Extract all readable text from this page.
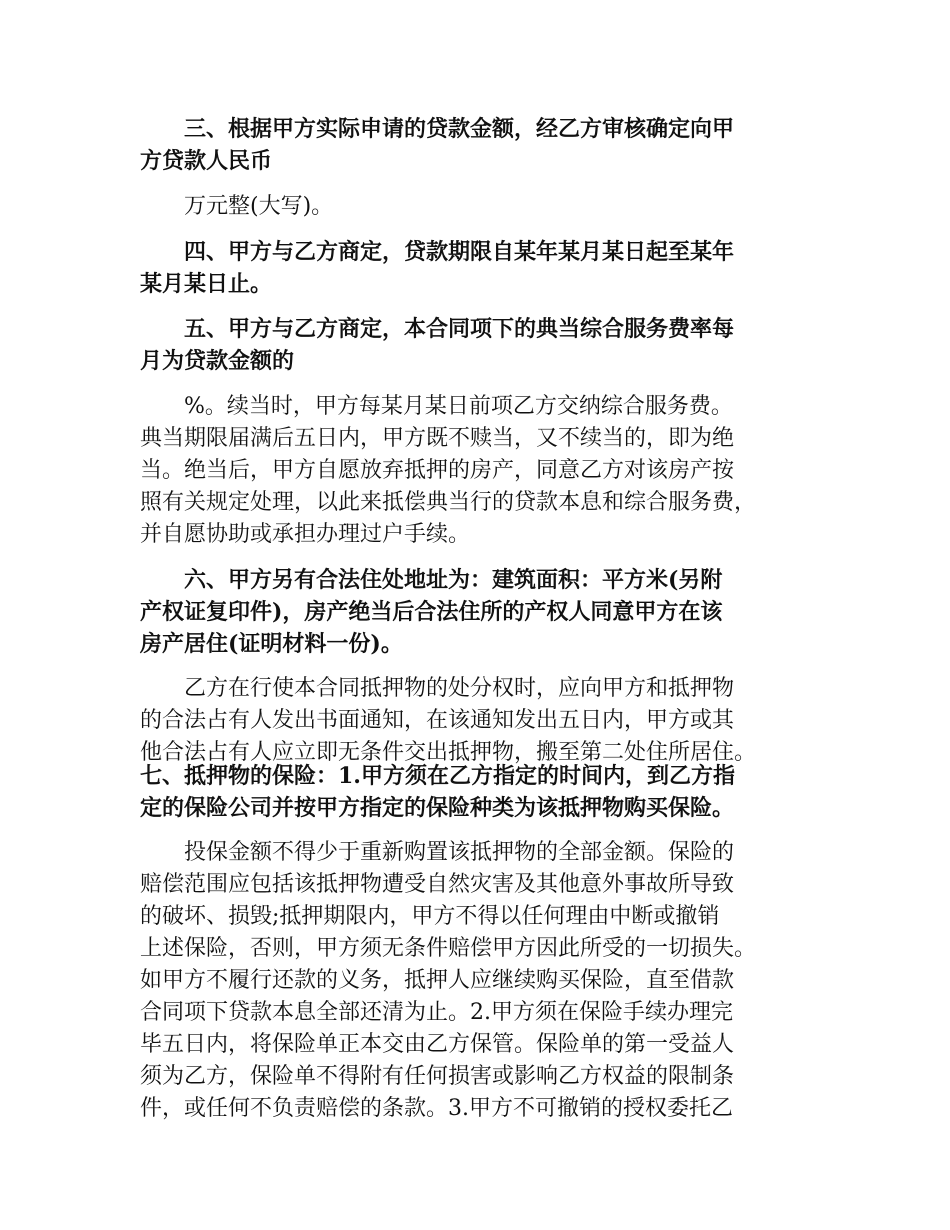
三、根据甲方实际申请的贷款金额，经乙方审核确定向甲
方贷款人民币
万元整(大写)。
四、甲方与乙方商定，贷款期限自某年某月某日起至某年
某月某日止。
五、甲方与乙方商定，本合同项下的典当综合服务费率每
月为贷款金额的
%。续当时，甲方每某月某日前项乙方交纳综合服务费。
典当期限届满后五日内，甲方既不赎当，又不续当的，即为绝
当。绝当后，甲方自愿放弃抵押的房产，同意乙方对该房产按
照有关规定处理，以此来抵偿典当行的贷款本息和综合服务费，
并自愿协助或承担办理过户手续。
六、甲方另有合法住处地址为：建筑面积：平方米(另附
产权证复印件)，房产绝当后合法住所的产权人同意甲方在该
房产居住(证明材料一份)。
乙方在行使本合同抵押物的处分权时，应向甲方和抵押物
的合法占有人发出书面通知，在该通知发出五日内，甲方或其
他合法占有人应立即无条件交出抵押物，搬至第二处住所居住。
七、抵押物的保险：1.甲方须在乙方指定的时间内，到乙方指
定的保险公司并按甲方指定的保险种类为该抵押物购买保险。
投保金额不得少于重新购置该抵押物的全部金额。保险的
赔偿范围应包括该抵押物遭受自然灾害及其他意外事故所导致
的破坏、损毁;抵押期限内，甲方不得以任何理由中断或撤销
上述保险，否则，甲方须无条件赔偿甲方因此所受的一切损失。
如甲方不履行还款的义务，抵押人应继续购买保险，直至借款
合同项下贷款本息全部还清为止。2.甲方须在保险手续办理完
毕五日内，将保险单正本交由乙方保管。保险单的第一受益人
须为乙方，保险单不得附有任何损害或影响乙方权益的限制条
件，或任何不负责赔偿的条款。3.甲方不可撤销的授权委托乙
